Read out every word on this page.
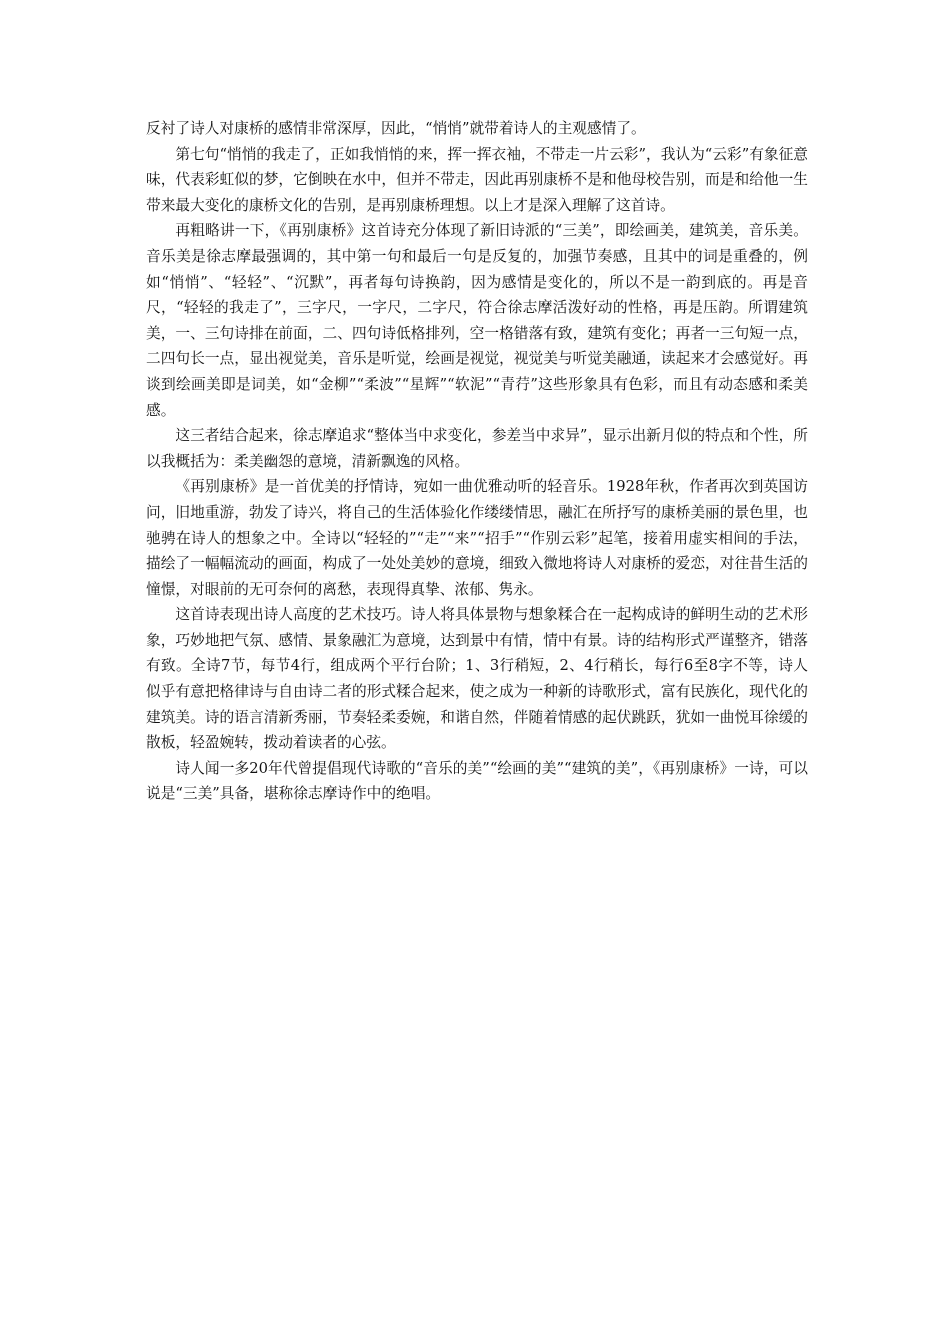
反衬了诗人对康桥的感情非常深厚，因此，“悄悄”就带着诗人的主观感情了。

第七句“悄悄的我走了，正如我悄悄的来，挥一挥衣袖，不带走一片云彩”，我认为“云彩”有象征意味，代表彩虹似的梦，它倒映在水中，但并不带走，因此再别康桥不是和他母校告别，而是和给他一生带来最大变化的康桥文化的告别，是再别康桥理想。以上才是深入理解了这首诗。

再粗略讲一下，《再别康桥》这首诗充分体现了新旧诗派的“三美”，即绘画美，建筑美，音乐美。音乐美是徐志摩最强调的，其中第一句和最后一句是反复的，加强节奏感，且其中的词是重叠的，例如“悄悄”、“轻轻”、“沉默”，再者每句诗换韵，因为感情是变化的，所以不是一韵到底的。再是音尺，“轻轻的我走了”，三字尺，一字尺，二字尺，符合徐志摩活泼好动的性格，再是压韵。所谓建筑美，一、三句诗排在前面，二、四句诗低格排列，空一格错落有致，建筑有变化；再者一三句短一点，二四句长一点，显出视觉美，音乐是听觉，绘画是视觉，视觉美与听觉美融通，读起来才会感觉好。再谈到绘画美即是词美，如“金柳”“柔波”“星辉”“软泥”“青荇”这些形象具有色彩，而且有动态感和柔美感。

这三者结合起来，徐志摩追求“整体当中求变化，参差当中求异”，显示出新月似的特点和个性，所以我概括为：柔美幽怨的意境，清新飘逸的风格。

《再别康桥》是一首优美的抒情诗，宛如一曲优雅动听的轻音乐。1928年秋，作者再次到英国访问，旧地重游，勃发了诗兴，将自己的生活体验化作缕缕情思，融汇在所抒写的康桥美丽的景色里，也驰骋在诗人的想象之中。全诗以“轻轻的”“走”“来”“招手”“作别云彩”起笔，接着用虚实相间的手法，描绘了一幅幅流动的画面，构成了一处处美妙的意境，细致入微地将诗人对康桥的爱恋，对往昔生活的憧憬，对眼前的无可奈何的离愁，表现得真挚、浓郁、隽永。

这首诗表现出诗人高度的艺术技巧。诗人将具体景物与想象糅合在一起构成诗的鲜明生动的艺术形象，巧妙地把气氛、感情、景象融汇为意境，达到景中有情，情中有景。诗的结构形式严谨整齐，错落有致。全诗7节，每节4行，组成两个平行台阶；1、3行稍短，2、4行稍长，每行6至8字不等，诗人似乎有意把格律诗与自由诗二者的形式糅合起来，使之成为一种新的诗歌形式，富有民族化，现代化的建筑美。诗的语言清新秀丽，节奏轻柔委婉，和谐自然，伴随着情感的起伏跳跃，犹如一曲悦耳徐缓的散板，轻盈婉转，拨动着读者的心弦。

诗人闻一多20年代曾提倡现代诗歌的“音乐的美”“绘画的美”“建筑的美”，《再别康桥》一诗，可以说是“三美”具备，堪称徐志摩诗作中的绝唱。
